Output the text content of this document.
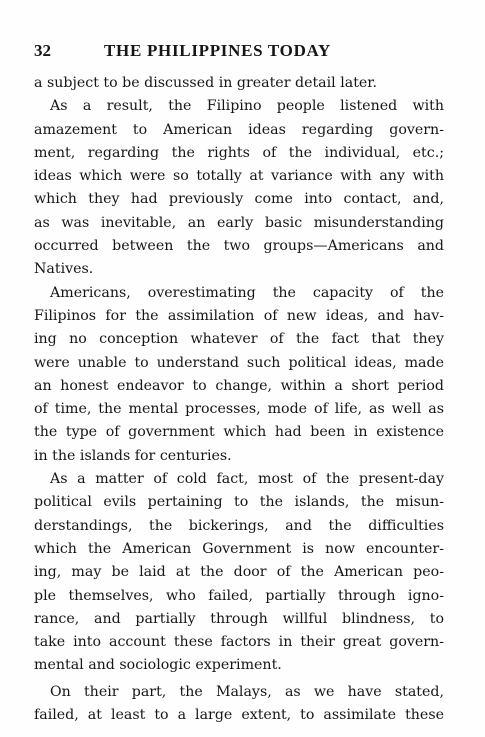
32	THE PHILIPPINES TODAY
a subject to be discussed in greater detail later.
As a result, the Filipino people listened with
amazement to American ideas regarding govern-
ment, regarding the rights of the individual, etc.;
ideas which were so totally at variance with any with
which they had previously come into contact, and,
as was inevitable, an early basic misunderstanding
occurred between the two groups—Americans and
Natives.
Americans, overestimating the capacity of the
Filipinos for the assimilation of new ideas, and hav-
ing no conception whatever of the fact that they
were unable to understand such political ideas, made
an honest endeavor to change, within a short period
of time, the mental processes, mode of life, as well as
the type of government which had been in existence
in the islands for centuries.
As a matter of cold fact, most of the present-day
political evils pertaining to the islands, the misun-
derstandings, the bickerings, and the difficulties
which the American Government is now encounter-
ing, may be laid at the door of the American peo-
ple themselves, who failed, partially through igno-
rance, and partially through willful blindness, to
take into account these factors in their great govern-
mental and sociologic experiment.
On their part, the Malays, as we have stated,
failed, at least to a large extent, to assimilate these
